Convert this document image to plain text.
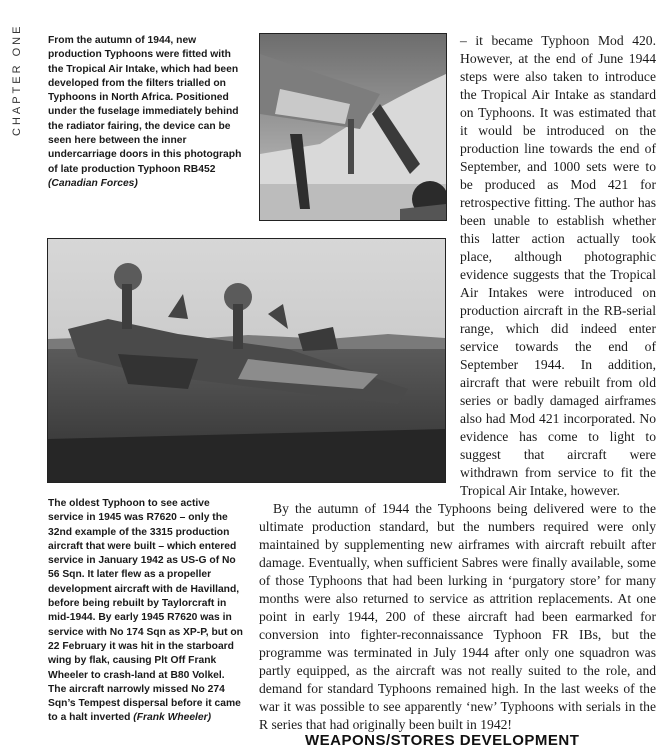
CHAPTER ONE From the autumn of 1944, new production Typhoons were fitted with the Tropical Air Intake, which had been developed from the filters trialled on Typhoons in North Africa. Positioned under the fuselage immediately behind the radiator fairing, the device can be seen here between the inner undercarriage doors in this photograph of late production Typhoon RB452 (Canadian Forces)
The oldest Typhoon to see active service in 1945 was R7620 – only the 32nd example of the 3315 production aircraft that were built – which entered service in January 1942 as US-G of No 56 Sqn. It later flew as a propeller development aircraft with de Havilland, before being rebuilt by Taylorcraft in mid-1944. By early 1945 R7620 was in service with No 174 Sqn as XP-P, but on 22 February it was hit in the starboard wing by flak, causing Plt Off Frank Wheeler to crash-land at B80 Volkel. The aircraft narrowly missed No 274 Sqn’s Tempest dispersal before it came to a halt inverted (Frank Wheeler)

– it became Typhoon Mod 420. However, at the end of June 1944 steps were also taken to introduce the Tropical Air Intake as standard on Typhoons. It was estimated that it would be introduced on the production line towards the end of September, and 1000 sets were to be produced as Mod 421 for retrospective fitting. The author has been unable to establish whether this latter action actually took place, although photographic evidence suggests that the Tropical Air Intakes were introduced on production aircraft in the RB-serial range, which did indeed enter service towards the end of September 1944. In addition, aircraft that were rebuilt from old series or badly damaged airframes also had Mod 421 incorporated. No evidence has come to light to suggest that aircraft were withdrawn from service to fit the Tropical Air Intake, however.

By the autumn of 1944 the Typhoons being delivered were to the ultimate production standard, but the numbers required were only maintained by supplementing new airframes with aircraft rebuilt after damage. Eventually, when sufficient Sabres were finally available, some of those Typhoons that had been lurking in ‘purgatory store’ for many months were also returned to service as attrition replacements. At one point in early 1944, 200 of these aircraft had been earmarked for conversion into fighter-reconnaissance Typhoon FR IBs, but the programme was terminated in July 1944 after only one squadron was partly equipped, as the aircraft was not really suited to the role, and demand for standard Typhoons remained high. In the last weeks of the war it was possible to see apparently ‘new’ Typhoons with serials in the R series that had originally been built in 1942!

WEAPONS/STORES DEVELOPMENT
